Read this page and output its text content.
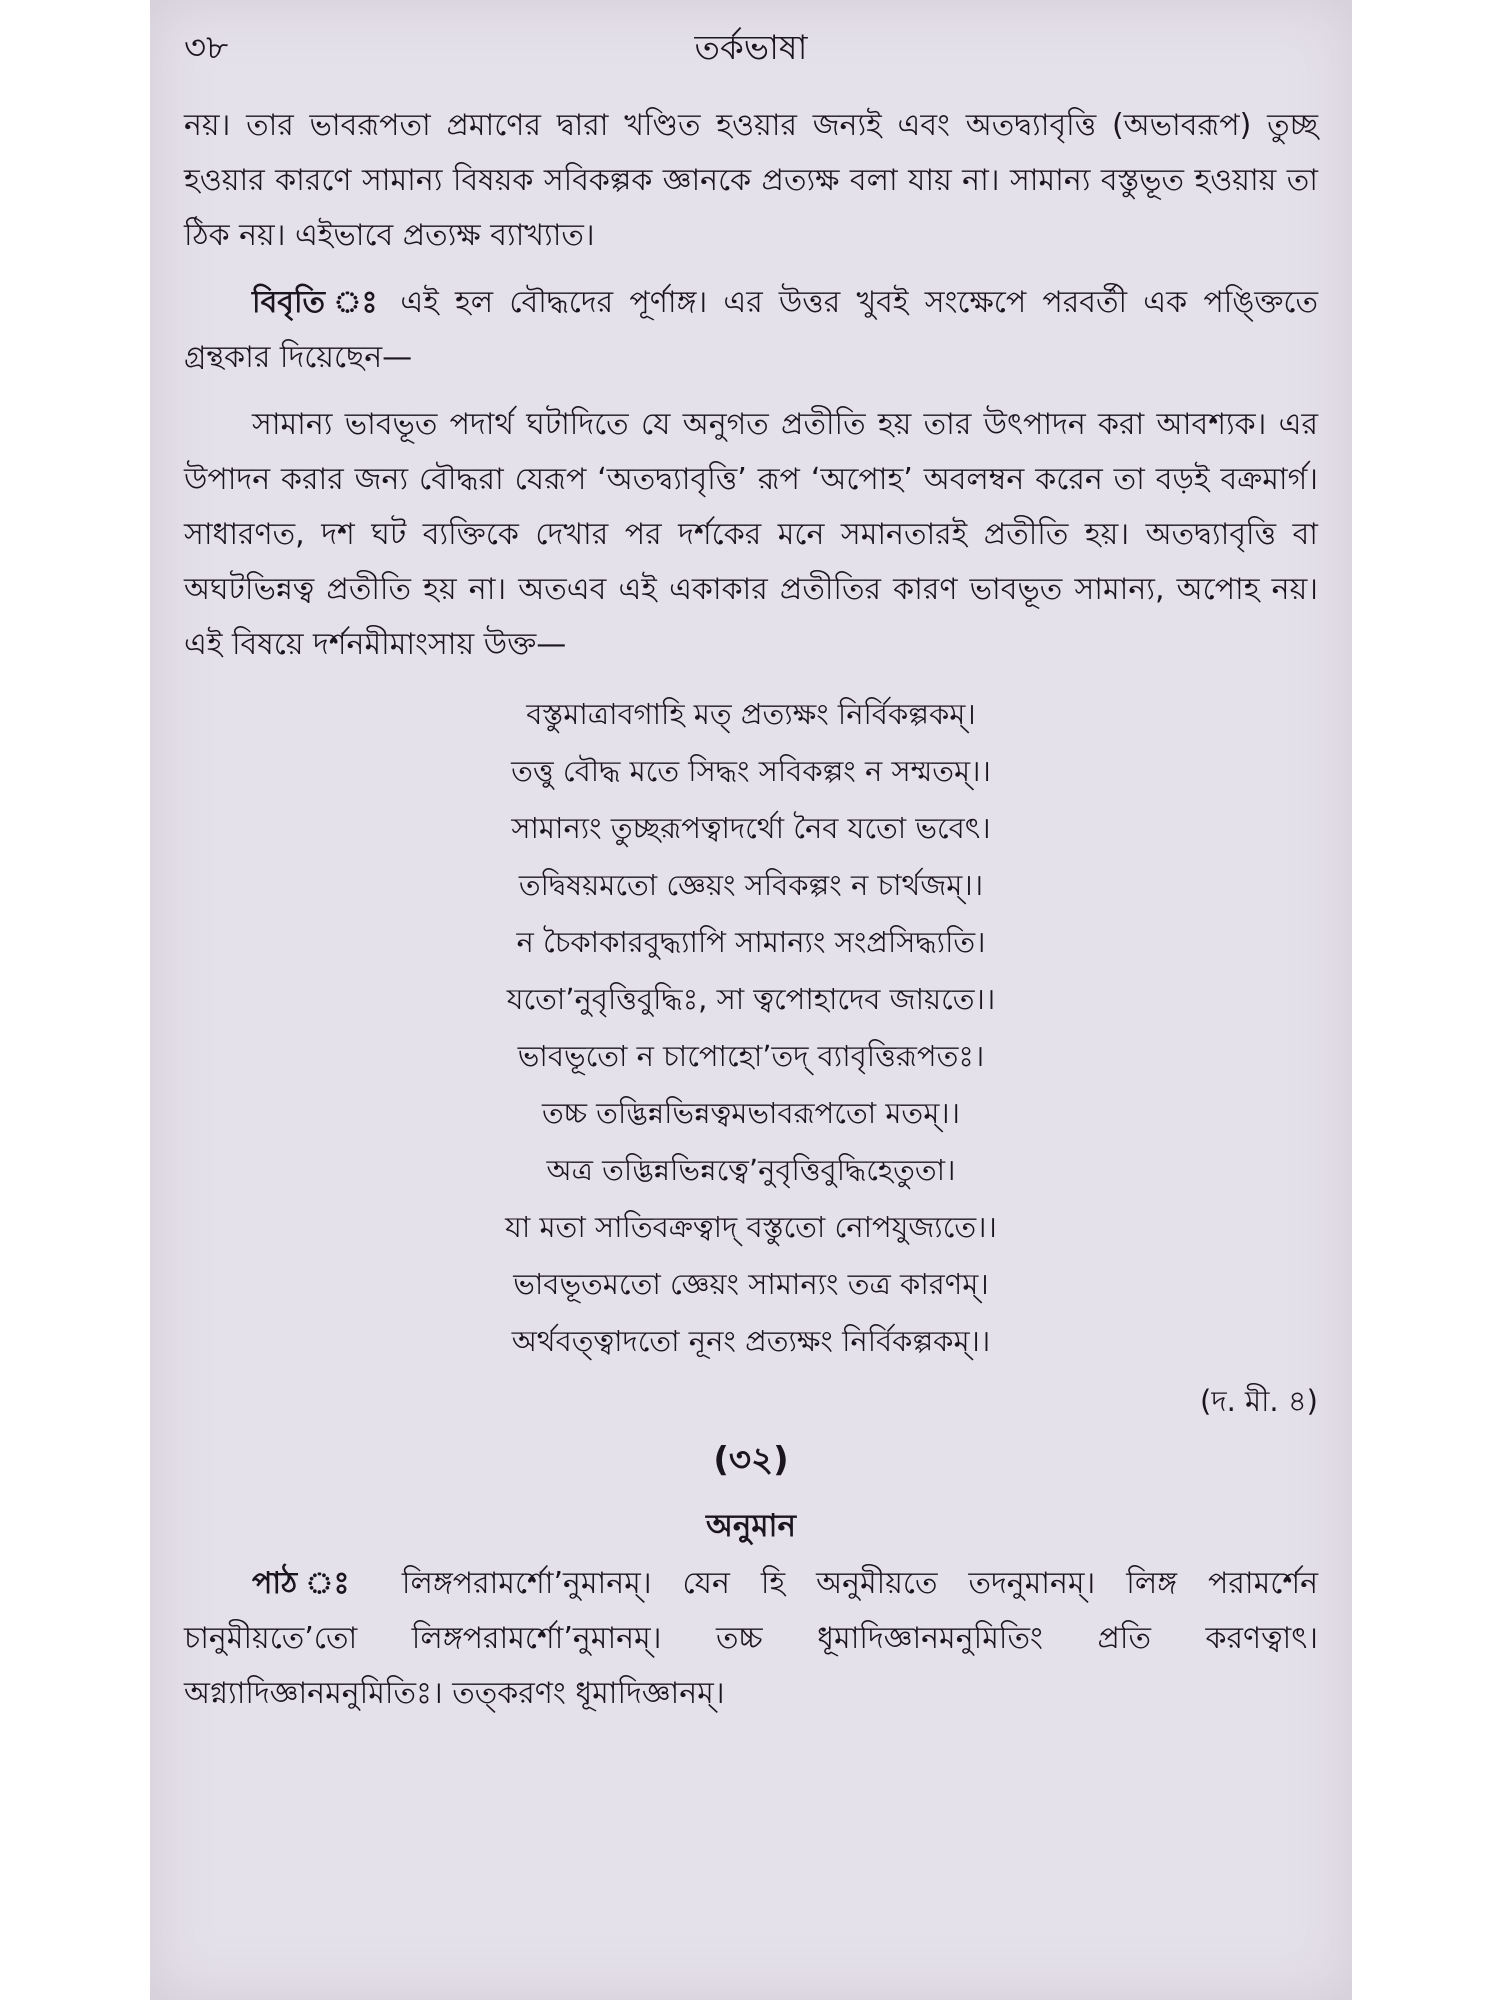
৩৮	তর্কভাষা

নয়। তার ভাবরূপতা প্রমাণের দ্বারা খণ্ডিত হওয়ার জন্যই এবং অতদ্ব্যাবৃত্তি (অভাবরূপ) তুচ্ছ হওয়ার কারণে সামান্য বিষয়ক সবিকল্পক জ্ঞানকে প্রত্যক্ষ বলা যায় না। সামান্য বস্তুভূত হওয়ায় তা ঠিক নয়। এইভাবে প্রত্যক্ষ ব্যাখ্যাত।

বিবৃতি ঃ এই হল বৌদ্ধদের পূর্ণাঙ্গ। এর উত্তর খুবই সংক্ষেপে পরবর্তী এক পঙ্ক্তিতে গ্রন্থকার দিয়েছেন—

সামান্য ভাবভূত পদার্থ ঘটাদিতে যে অনুগত প্রতীতি হয় তার উৎপাদন করা আবশ্যক। এর উপাদন করার জন্য বৌদ্ধরা যেরূপ ‘অতদ্ব্যাবৃত্তি’ রূপ ‘অপোহ’ অবলম্বন করেন তা বড়ই বক্রমার্গ। সাধারণত, দশ ঘট ব্যক্তিকে দেখার পর দর্শকের মনে সমানতারই প্রতীতি হয়। অতদ্ব্যাবৃত্তি বা অঘটভিন্নত্ব প্রতীতি হয় না। অতএব এই একাকার প্রতীতির কারণ ভাবভূত সামান্য, অপোহ নয়। এই বিষয়ে দর্শনমীমাংসায় উক্ত—

বস্তুমাত্রাবগাহি মত্ প্রত্যক্ষং নির্বিকল্পকম্।
তত্তু বৌদ্ধ মতে সিদ্ধং সবিকল্পং ন সম্মতম্।।
সামান্যং তুচ্ছরূপত্বাদর্থো নৈব যতো ভবেৎ।
তদ্বিষয়মতো জ্ঞেয়ং সবিকল্পং ন চার্থজম্।।
ন চৈকাকারবুদ্ধ্যাপি সামান্যং সংপ্রসিদ্ধ্যতি।
যতো’নুবৃত্তিবুদ্ধিঃ, সা ত্বপোহাদেব জায়তে।।
ভাবভূতো ন চাপোহো’তদ্ ব্যাবৃত্তিরূপতঃ।
তচ্চ তদ্ভিন্নভিন্নত্বমভাবরূপতো মতম্।।
অত্র তদ্ভিন্নভিন্নত্বে’নুবৃত্তিবুদ্ধিহেতুতা।
যা মতা সাতিবক্রত্বাদ্ বস্তুতো নোপযুজ্যতে।।
ভাবভূতমতো জ্ঞেয়ং সামান্যং তত্র কারণম্।
অর্থবত্ত্বাদতো নূনং প্রত্যক্ষং নির্বিকল্পকম্।।
(দ. মী. ৪)
(৩২)
অনুমান

পাঠ ঃ লিঙ্গপরামর্শো’নুমানম্। যেন হি অনুমীয়তে তদনুমানম্। লিঙ্গ পরামর্শেন চানুমীয়তে’তো লিঙ্গপরামর্শো’নুমানম্। তচ্চ ধূমাদিজ্ঞানমনুমিতিং প্রতি করণত্বাৎ। অগ্ন্যাদিজ্ঞানমনুমিতিঃ। তত্করণং ধূমাদিজ্ঞানম্।
